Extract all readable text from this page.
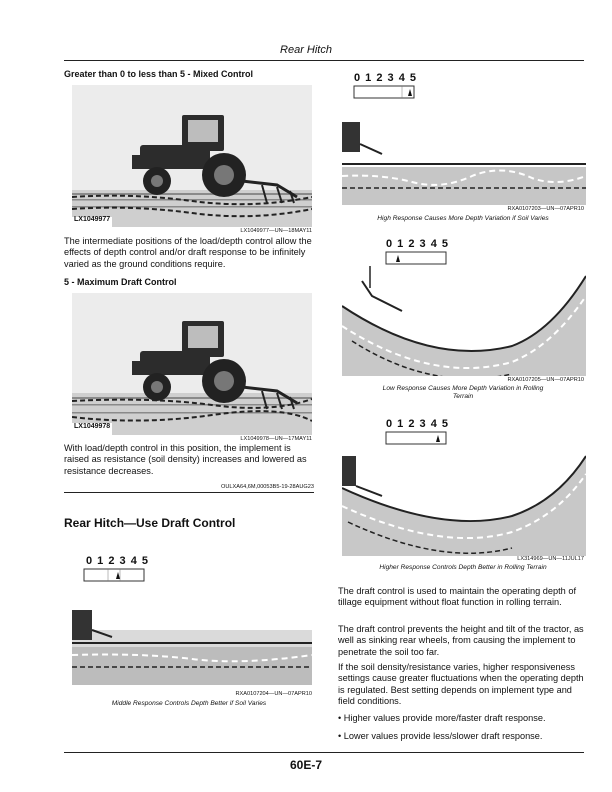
Rear Hitch
Greater than 0 to less than 5 - Mixed Control
LX1049977
LX1049977—UN—18MAY11
The intermediate positions of the load/depth control allow the effects of depth control and/or draft response to be infinitely varied as the ground conditions require.
5 - Maximum Draft Control
LX1049978
LX1049978—UN—17MAY11
With load/depth control in this position, the implement is raised as resistance (soil density) increases and lowered as resistance decreases.
OULXA64,6M,00053B5-19-28AUG23
Rear Hitch—Use Draft Control
0 1 2 3 4 5
RXA0107204—UN—07APR10
Middle Response Controls Depth Better if Soil Varies
0 1 2 3 4 5
RXA0107203—UN—07APR10
High Response Causes More Depth Variation if Soil Varies
0 1 2 3 4 5
RXA0107205—UN—07APR10
Low Response Causes More Depth Variation in Rolling
Terrain
0 1 2 3 4 5
LX314969—UN—11JUL17
Higher Response Controls Depth Better in Rolling Terrain
The draft control is used to maintain the operating depth of tillage equipment without float function in rolling terrain.
The draft control prevents the height and tilt of the tractor, as well as sinking rear wheels, from causing the implement to penetrate the soil too far.
If the soil density/resistance varies, higher responsiveness settings cause greater fluctuations when the operating depth is regulated. Best setting depends on implement type and field conditions.
• Higher values provide more/faster draft response.
• Lower values provide less/slower draft response.
60E-7
